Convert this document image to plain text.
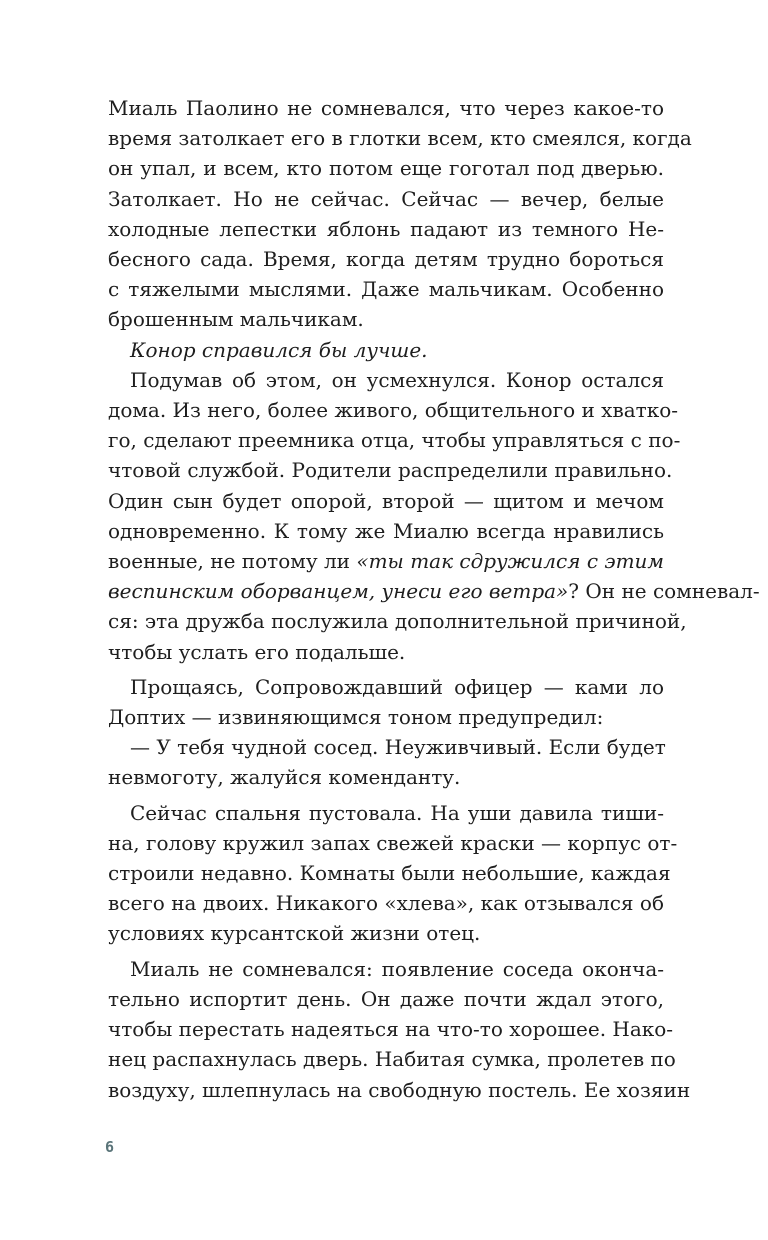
Миаль Паолино не сомневался, что через какое-то
время затолкает его в глотки всем, кто смеялся, когда
он упал, и всем, кто потом еще гоготал под дверью.
Затолкает. Но не сейчас. Сейчас — вечер, белые
холодные лепестки яблонь падают из темного Не-
бесного сада. Время, когда детям трудно бороться
с тяжелыми мыслями. Даже мальчикам. Особенно
брошенным мальчикам.
Конор справился бы лучше.
Подумав об этом, он усмехнулся. Конор остался
дома. Из него, более живого, общительного и хватко-
го, сделают преемника отца, чтобы управляться с по-
чтовой службой. Родители распределили правильно.
Один сын будет опорой, второй — щитом и мечом
одновременно. К тому же Миалю всегда нравились
военные, не потому ли «ты так сдружился с этим
веспинским оборванцем, унеси его ветра»? Он не сомневал-
ся: эта дружба послужила дополнительной причиной,
чтобы услать его подальше.
Прощаясь, Сопровождавший офицер — ками ло
Доптих — извиняющимся тоном предупредил:
— У тебя чудной сосед. Неуживчивый. Если будет
невмоготу, жалуйся коменданту.
Сейчас спальня пустовала. На уши давила тиши-
на, голову кружил запах свежей краски — корпус от-
строили недавно. Комнаты были небольшие, каждая
всего на двоих. Никакого «хлева», как отзывался об
условиях курсантской жизни отец.
Миаль не сомневался: появление соседа оконча-
тельно испортит день. Он даже почти ждал этого,
чтобы перестать надеяться на что-то хорошее. Нако-
нец распахнулась дверь. Набитая сумка, пролетев по
воздуху, шлепнулась на свободную постель. Ее хозяин
6
